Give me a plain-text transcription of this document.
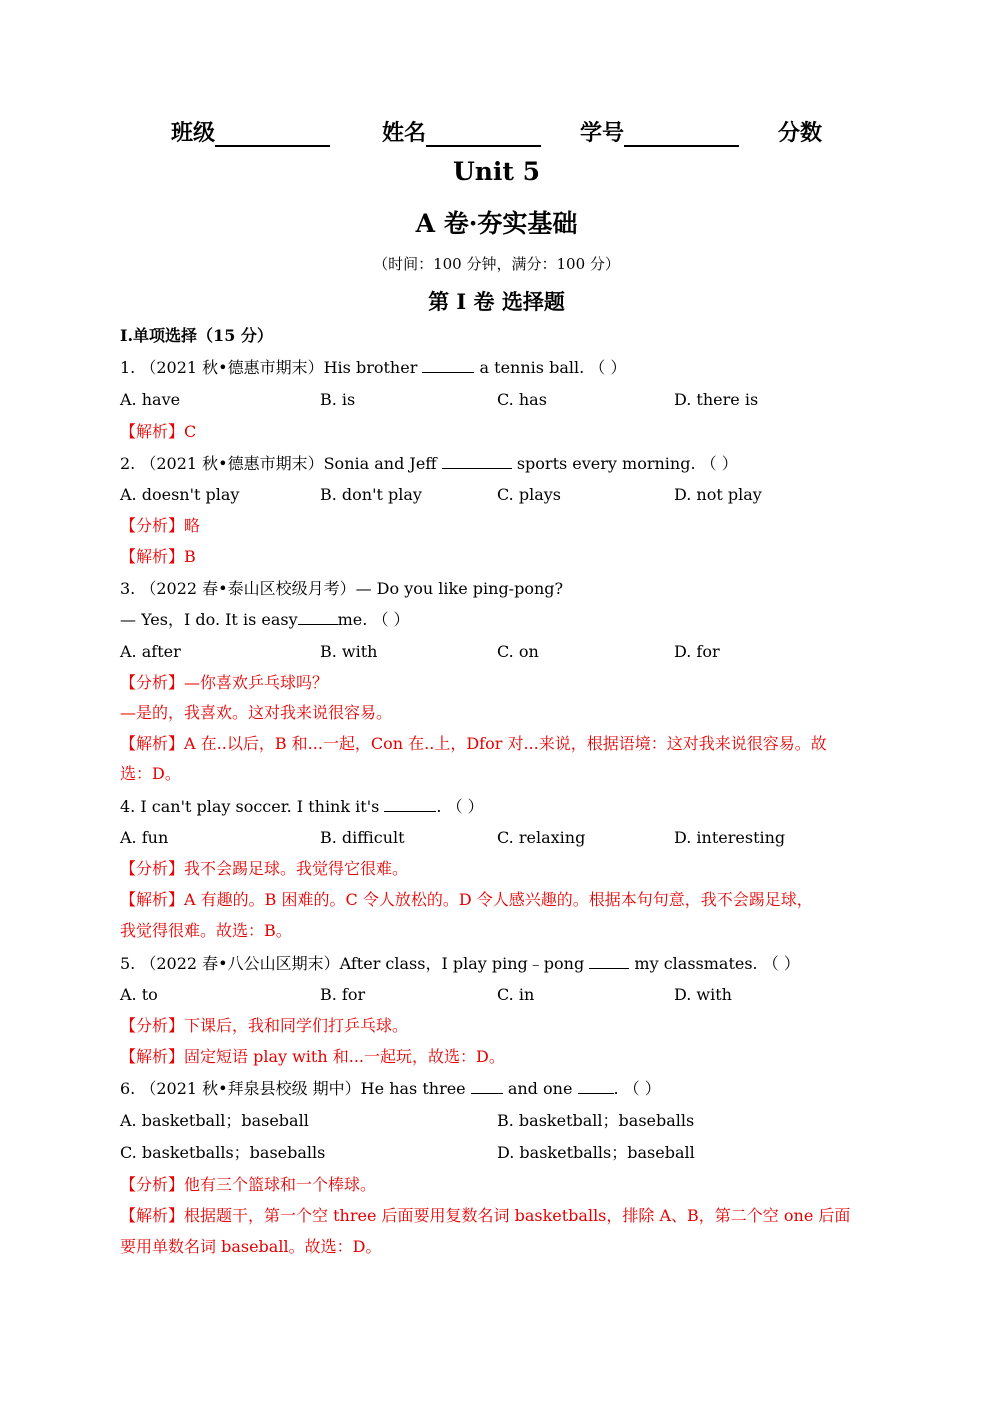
班级	姓名	学号	分数
Unit 5
A 卷·夯实基础
（时间：100 分钟，满分：100 分）
第 I 卷 选择题
I.单项选择（15 分）
1. （2021 秋•德惠市期末）His brother	a tennis ball. （ ）
A. have	B. is	C. has	D. there is
【解析】C
2. （2021 秋•德惠市期末）Sonia and Jeff	sports every morning. （ ）
A. doesn't play	B. don't play	C. plays	D. not play
【分析】略
【解析】B
3. （2022 春•泰山区校级月考）— Do you like ping-pong?
— Yes，I do. It is easy	me. （ ）
A. after	B. with	C. on	D. for
【分析】—你喜欢乒乓球吗？
—是的，我喜欢。这对我来说很容易。
【解析】A 在..以后，B 和...一起，Con 在..上，Dfor 对...来说，根据语境：这对我来说很容易。故
选：D。
4. I can't play soccer. I think it's	. （ ）
A. fun	B. difficult	C. relaxing	D. interesting
【分析】我不会踢足球。我觉得它很难。
【解析】A 有趣的。B 困难的。C 令人放松的。D 令人感兴趣的。根据本句句意，我不会踢足球，
我觉得很难。故选：B。
5. （2022 春•八公山区期末）After class，I play ping﹣pong	my classmates. （ ）
A. to	B. for	C. in	D. with
【分析】下课后，我和同学们打乒乓球。
【解析】固定短语 play with 和...一起玩，故选：D。
6. （2021 秋•拜泉县校级 期中）He has three  and one . （ ）
A. basketball；baseball	B. basketball；baseballs
C. basketballs；baseballs	D. basketballs；baseball
【分析】他有三个篮球和一个棒球。
【解析】根据题干，第一个空 three 后面要用复数名词 basketballs，排除 A、B，第二个空 one 后面
要用单数名词 baseball。故选：D。
